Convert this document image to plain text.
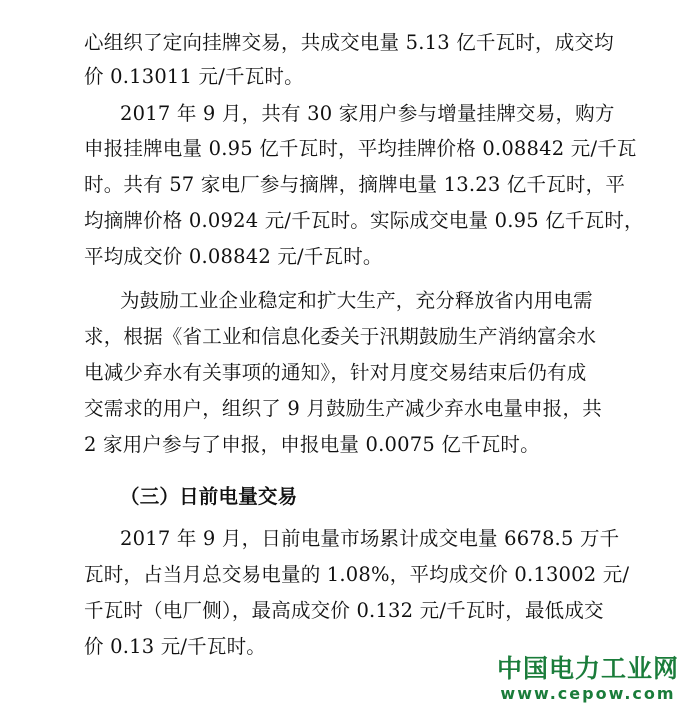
心组织了定向挂牌交易，共成交电量 5.13 亿千瓦时，成交均
价 0.13011 元/千瓦时。
2017 年 9 月，共有 30 家用户参与增量挂牌交易，购方
申报挂牌电量 0.95 亿千瓦时，平均挂牌价格 0.08842 元/千瓦
时。共有 57 家电厂参与摘牌，摘牌电量 13.23 亿千瓦时，平
均摘牌价格 0.0924 元/千瓦时。实际成交电量 0.95 亿千瓦时，
平均成交价 0.08842 元/千瓦时。
为鼓励工业企业稳定和扩大生产，充分释放省内用电需
求，根据《省工业和信息化委关于汛期鼓励生产消纳富余水
电减少弃水有关事项的通知》，针对月度交易结束后仍有成
交需求的用户，组织了 9 月鼓励生产减少弃水电量申报，共
2 家用户参与了申报，申报电量 0.0075 亿千瓦时。
（三）日前电量交易
2017 年 9 月，日前电量市场累计成交电量 6678.5 万千
瓦时，占当月总交易电量的 1.08%，平均成交价 0.13002 元/
千瓦时（电厂侧），最高成交价 0.132 元/千瓦时，最低成交
价 0.13 元/千瓦时。
中国电力工业网
www.cepow.com
